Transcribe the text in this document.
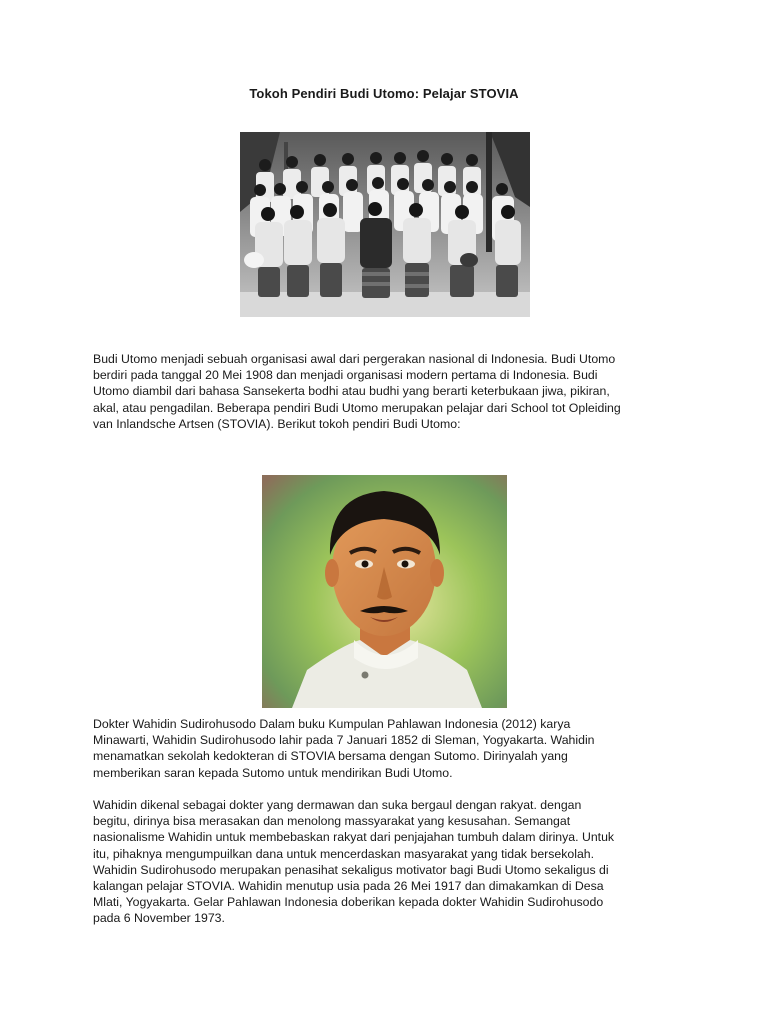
Tokoh Pendiri Budi Utomo: Pelajar STOVIA

Budi Utomo menjadi sebuah organisasi awal dari pergerakan nasional di Indonesia. Budi Utomo
berdiri pada tanggal 20 Mei 1908 dan menjadi organisasi modern pertama di Indonesia. Budi
Utomo diambil dari bahasa Sansekerta bodhi atau budhi yang berarti keterbukaan jiwa, pikiran,
akal, atau pengadilan. Beberapa pendiri Budi Utomo merupakan pelajar dari School tot Opleiding
van Inlandsche Artsen (STOVIA). Berikut tokoh pendiri Budi Utomo:

Dokter Wahidin Sudirohusodo Dalam buku Kumpulan Pahlawan Indonesia (2012) karya
Minawarti, Wahidin Sudirohusodo lahir pada 7 Januari 1852 di Sleman, Yogyakarta. Wahidin
menamatkan sekolah kedokteran di STOVIA bersama dengan Sutomo. Dirinyalah yang
memberikan saran kepada Sutomo untuk mendirikan Budi Utomo.

Wahidin dikenal sebagai dokter yang dermawan dan suka bergaul dengan rakyat. dengan
begitu, dirinya bisa merasakan dan menolong massyarakat yang kesusahan. Semangat
nasionalisme Wahidin untuk membebaskan rakyat dari penjajahan tumbuh dalam dirinya. Untuk
itu, pihaknya mengumpuilkan dana untuk mencerdaskan masyarakat yang tidak bersekolah.
Wahidin Sudirohusodo merupakan penasihat sekaligus motivator bagi Budi Utomo sekaligus di
kalangan pelajar STOVIA. Wahidin menutup usia pada 26 Mei 1917 dan dimakamkan di Desa
Mlati, Yogyakarta. Gelar Pahlawan Indonesia doberikan kepada dokter Wahidin Sudirohusodo
pada 6 November 1973.
